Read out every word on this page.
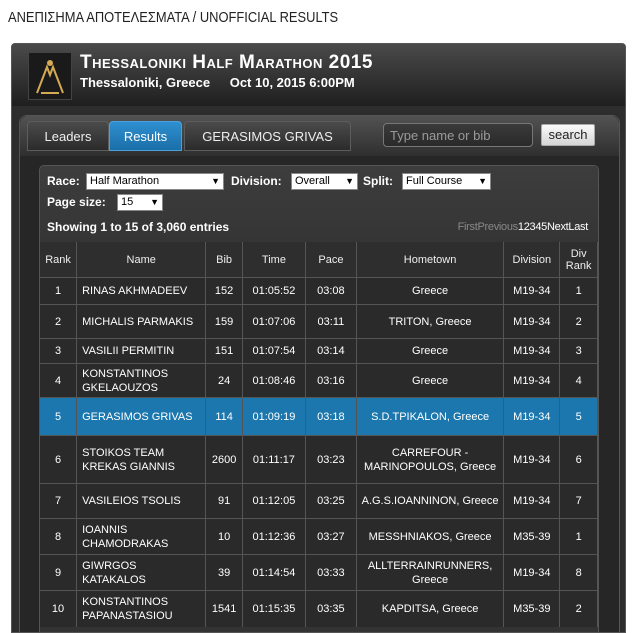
ΑΝΕΠΙΣΗΜΑ ΑΠΟΤΕΛΕΣΜΑΤΑ / UNOFFICIAL RESULTS
Thessaloniki Half Marathon 2015
Thessaloniki, Greece Oct 10, 2015 6:00PM
Leaders	Results	GERASIMOS GRIVAS
Type name or bib	search
Race: Half Marathon	▼ Division:	Overall ▼ Split:	Full Course ▼
Page size:	15 ▼
Showing 1 to 15 of 3,060 entries	FirstPrevious12345NextLast
Rank	Name	Bib	Time	Pace	Hometown	Division	Div Rank
1	RINAS AKHMADEEV	152	01:05:52	03:08	Greece	M19-34	1
2	MICHALIS PARMAKIS	159	01:07:06	03:11	TRITON, Greece	M19-34	2
3	VASILII PERMITIN	151	01:07:54	03:14	Greece	M19-34	3
4	KONSTANTINOS GKELAOUZOS	24	01:08:46	03:16	Greece	M19-34	4
5	GERASIMOS GRIVAS	114	01:09:19	03:18	S.D.TPIKALON, Greece	M19-34	5
6	STOIKOS TEAM KREKAS GIANNIS	2600	01:11:17	03:23	CARREFOUR - MARINOPOULOS, Greece	M19-34	6
7	VASILEIOS TSOLIS	91	01:12:05	03:25	A.G.S.IOANNINON, Greece	M19-34	7
8	IOANNIS CHAMODRAKAS	10	01:12:36	03:27	MESSHNIAKOS, Greece	M35-39	1
9	GIWRGOS KATAKALOS	39	01:14:54	03:33	ALLTERRAINRUNNERS, Greece	M19-34	8
10	KONSTANTINOS PAPANASTASIOU	1541	01:15:35	03:35	KAPDITSA, Greece	M35-39	2
